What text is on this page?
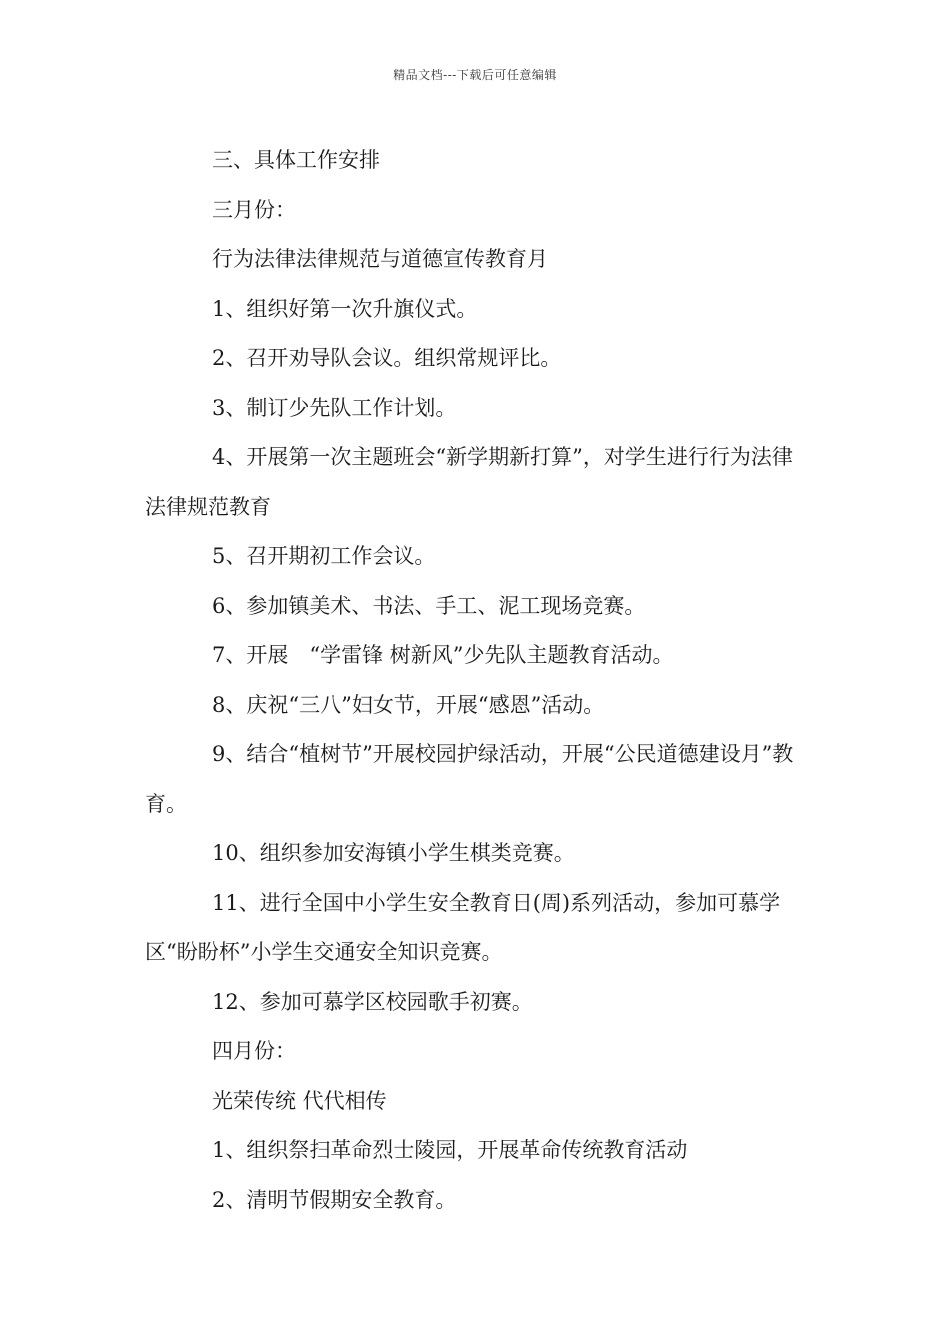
精品文档---下载后可任意编辑

三、具体工作安排

三月份：

行为法律法律规范与道德宣传教育月

1、组织好第一次升旗仪式。

2、召开劝导队会议。组织常规评比。

3、制订少先队工作计划。

4、开展第一次主题班会“新学期新打算”，对学生进行行为法律法律规范教育

5、召开期初工作会议。

6、参加镇美术、书法、手工、泥工现场竞赛。

7、开展　“学雷锋 树新风”少先队主题教育活动。

8、庆祝“三八”妇女节，开展“感恩”活动。

9、结合“植树节”开展校园护绿活动，开展“公民道德建设月”教育。

10、组织参加安海镇小学生棋类竞赛。

11、进行全国中小学生安全教育日(周)系列活动，参加可慕学区“盼盼杯”小学生交通安全知识竞赛。

12、参加可慕学区校园歌手初赛。

四月份：

光荣传统 代代相传

1、组织祭扫革命烈士陵园，开展革命传统教育活动

2、清明节假期安全教育。
